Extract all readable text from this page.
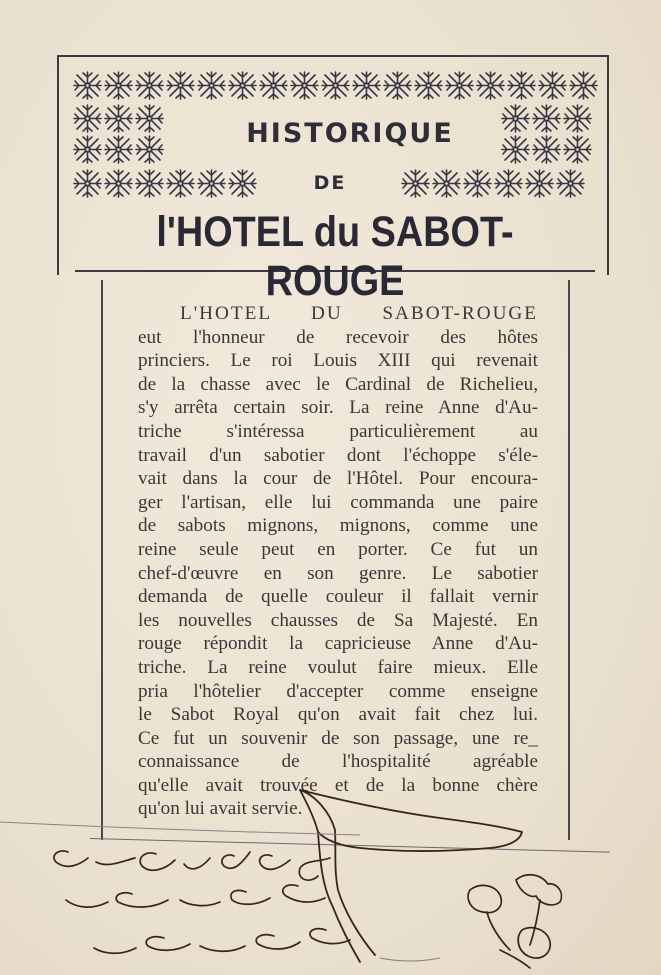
HISTORIQUE
DE
l'HOTEL du SABOT-ROUGE
L'HOTEL DU SABOT-ROUGE
eut l'honneur de recevoir des hôtes
princiers. Le roi Louis XIII qui revenait
de la chasse avec le Cardinal de Richelieu,
s'y arrêta certain soir. La reine Anne d'Au-
triche s'intéressa particulièrement au
travail d'un sabotier dont l'échoppe s'éle-
vait dans la cour de l'Hôtel. Pour encoura-
ger l'artisan, elle lui commanda une paire
de sabots mignons, mignons, comme une
reine seule peut en porter. Ce fut un
chef-d'œuvre en son genre. Le sabotier
demanda de quelle couleur il fallait vernir
les nouvelles chausses de Sa Majesté. En
rouge répondit la capricieuse Anne d'Au-
triche. La reine voulut faire mieux. Elle
pria l'hôtelier d'accepter comme enseigne
le Sabot Royal qu'on avait fait chez lui.
Ce fut un souvenir de son passage, une re_
connaissance de l'hospitalité agréable
qu'elle avait trouvée et de la bonne chère
qu'on lui avait servie.
